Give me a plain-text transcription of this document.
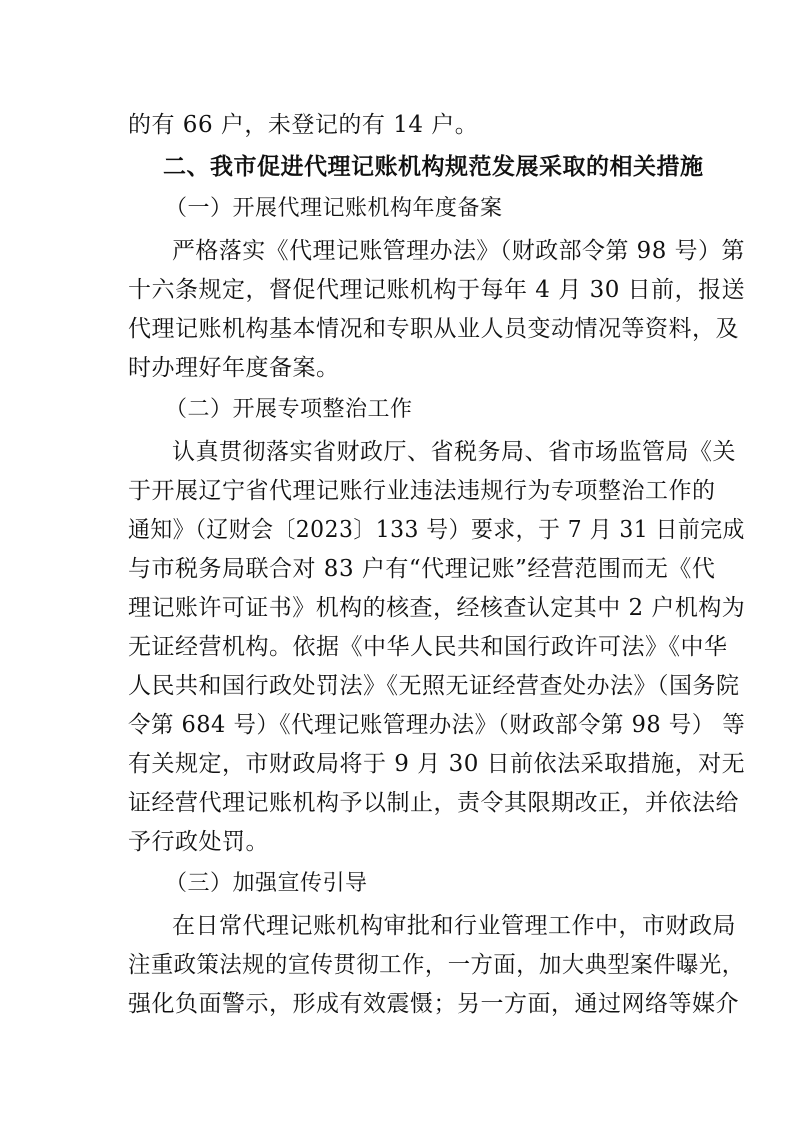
的有 66 户，未登记的有 14 户。
二、我市促进代理记账机构规范发展采取的相关措施
（一）开展代理记账机构年度备案
严格落实《代理记账管理办法》（财政部令第 98 号）第
十六条规定，督促代理记账机构于每年 4 月 30 日前，报送
代理记账机构基本情况和专职从业人员变动情况等资料，及
时办理好年度备案。
（二）开展专项整治工作
认真贯彻落实省财政厅、省税务局、省市场监管局《关
于开展辽宁省代理记账行业违法违规行为专项整治工作的
通知》（辽财会〔2023〕133 号）要求，于 7 月 31 日前完成
与市税务局联合对 83 户有“代理记账”经营范围而无《代
理记账许可证书》机构的核查，经核查认定其中 2 户机构为
无证经营机构。依据《中华人民共和国行政许可法》《中华
人民共和国行政处罚法》《无照无证经营查处办法》（国务院
令第 684 号）《代理记账管理办法》（财政部令第 98 号） 等
有关规定，市财政局将于 9 月 30 日前依法采取措施，对无
证经营代理记账机构予以制止，责令其限期改正，并依法给
予行政处罚。
（三）加强宣传引导
在日常代理记账机构审批和行业管理工作中，市财政局
注重政策法规的宣传贯彻工作，一方面，加大典型案件曝光，
强化负面警示，形成有效震慑；另一方面，通过网络等媒介
